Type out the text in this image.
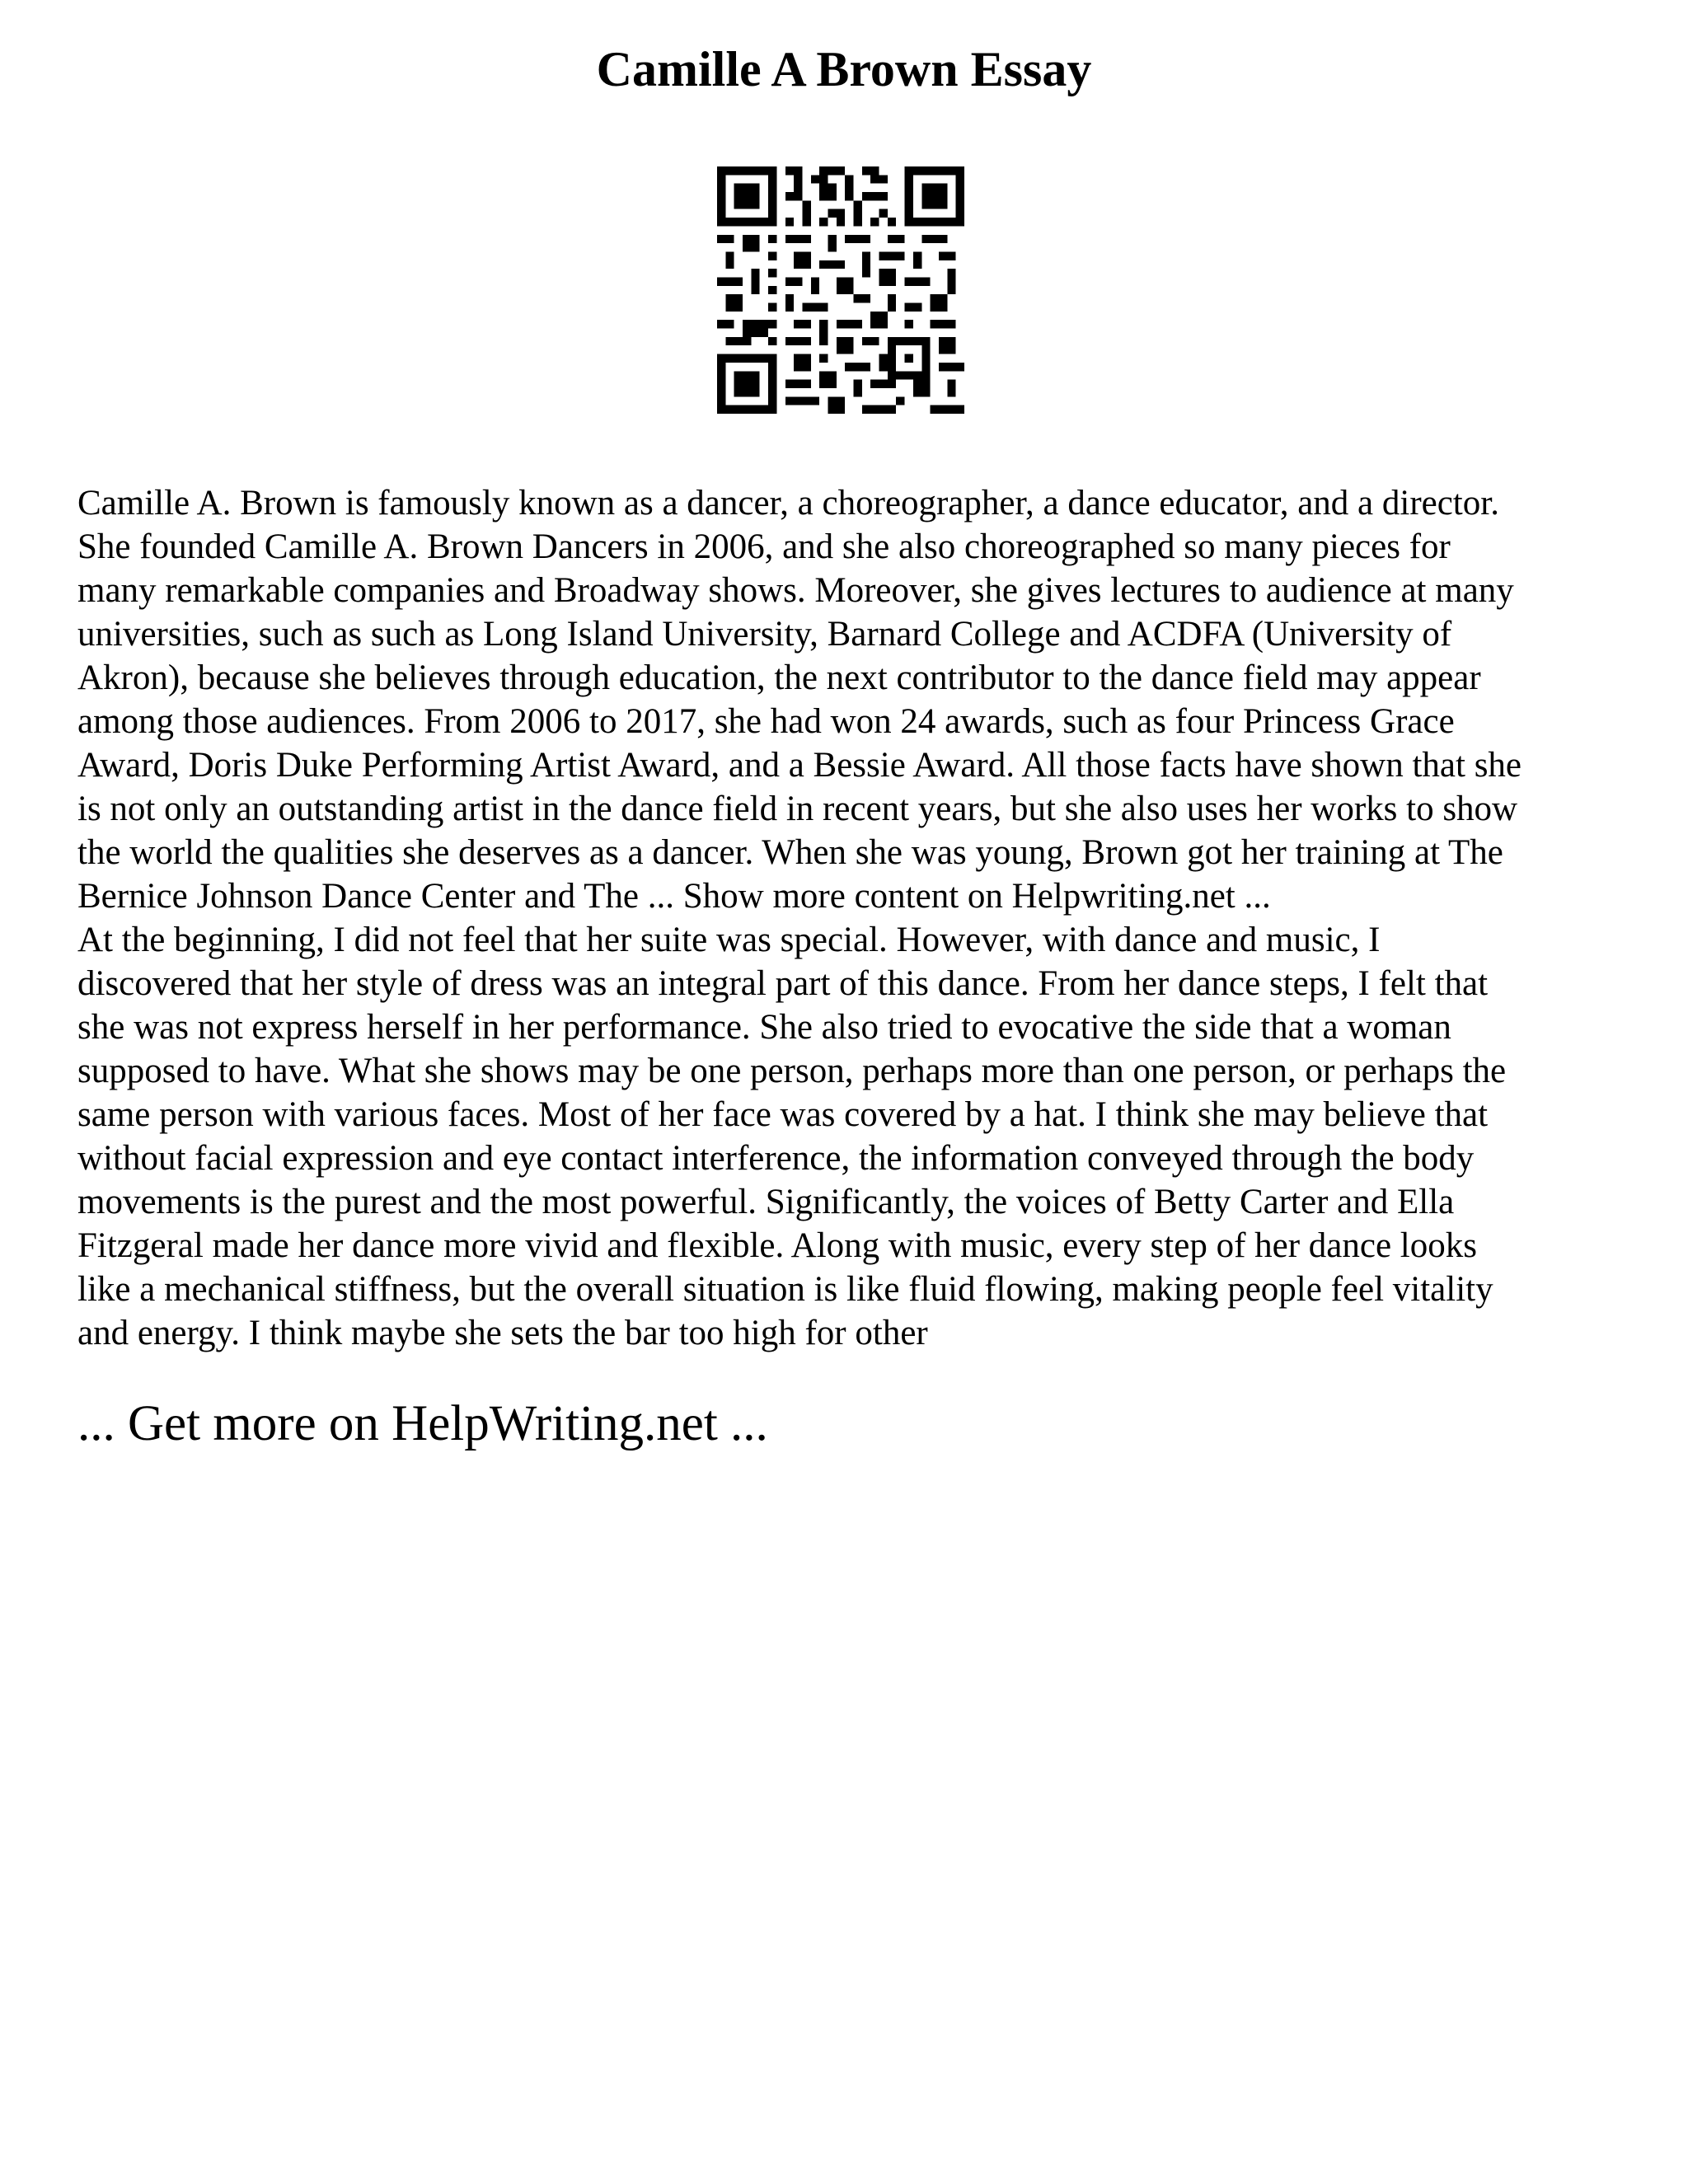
Camille A Brown Essay

Camille A. Brown is famously known as a dancer, a choreographer, a dance educator, and a director.
She founded Camille A. Brown Dancers in 2006, and she also choreographed so many pieces for
many remarkable companies and Broadway shows. Moreover, she gives lectures to audience at many
universities, such as such as Long Island University, Barnard College and ACDFA (University of
Akron), because she believes through education, the next contributor to the dance field may appear
among those audiences. From 2006 to 2017, she had won 24 awards, such as four Princess Grace
Award, Doris Duke Performing Artist Award, and a Bessie Award. All those facts have shown that she
is not only an outstanding artist in the dance field in recent years, but she also uses her works to show
the world the qualities she deserves as a dancer. When she was young, Brown got her training at The
Bernice Johnson Dance Center and The ... Show more content on Helpwriting.net ...

At the beginning, I did not feel that her suite was special. However, with dance and music, I
discovered that her style of dress was an integral part of this dance. From her dance steps, I felt that
she was not express herself in her performance. She also tried to evocative the side that a woman
supposed to have. What she shows may be one person, perhaps more than one person, or perhaps the
same person with various faces. Most of her face was covered by a hat. I think she may believe that
without facial expression and eye contact interference, the information conveyed through the body
movements is the purest and the most powerful. Significantly, the voices of Betty Carter and Ella
Fitzgeral made her dance more vivid and flexible. Along with music, every step of her dance looks
like a mechanical stiffness, but the overall situation is like fluid flowing, making people feel vitality
and energy. I think maybe she sets the bar too high for other

... Get more on HelpWriting.net ...
